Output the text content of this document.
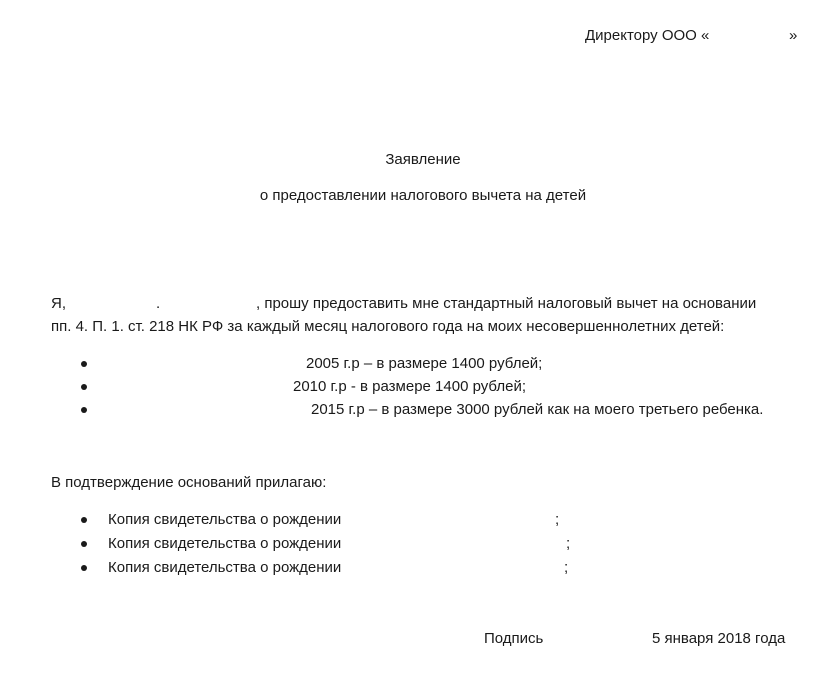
Директору ООО «	»
Заявление
о предоставлении налогового вычета на детей
Я,	.	, прошу предоставить мне стандартный налоговый вычет на основании
пп. 4. П. 1. ст. 218 НК РФ за каждый месяц налогового года на моих несовершеннолетних детей:
2005 г.р – в размере 1400 рублей;
2010 г.р - в размере 1400 рублей;
2015 г.р – в размере 3000 рублей как на моего третьего ребенка.
В подтверждение оснований прилагаю:
Копия свидетельства о рождении	;
Копия свидетельства о рождении	;
Копия свидетельства о рождении	;
Подпись	5 января 2018 года
